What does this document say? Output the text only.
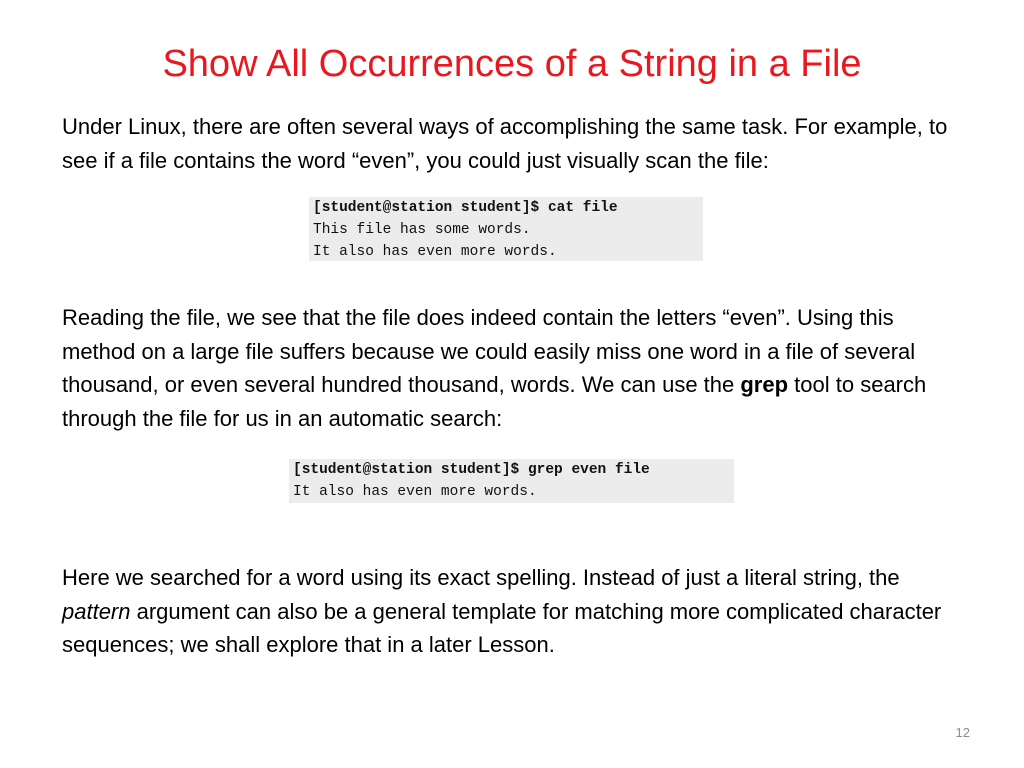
Show All Occurrences of a String in a File

Under Linux, there are often several ways of accomplishing the same task. For example, to see if a file contains the word “even”, you could just visually scan the file:

[student@station student]$ cat file
This file has some words.
It also has even more words.

Reading the file, we see that the file does indeed contain the letters “even”. Using this method on a large file suffers because we could easily miss one word in a file of several thousand, or even several hundred thousand, words. We can use the grep tool to search through the file for us in an automatic search:

[student@station student]$ grep even file
It also has even more words.

Here we searched for a word using its exact spelling. Instead of just a literal string, the pattern argument can also be a general template for matching more complicated character sequences; we shall explore that in a later Lesson.

12
